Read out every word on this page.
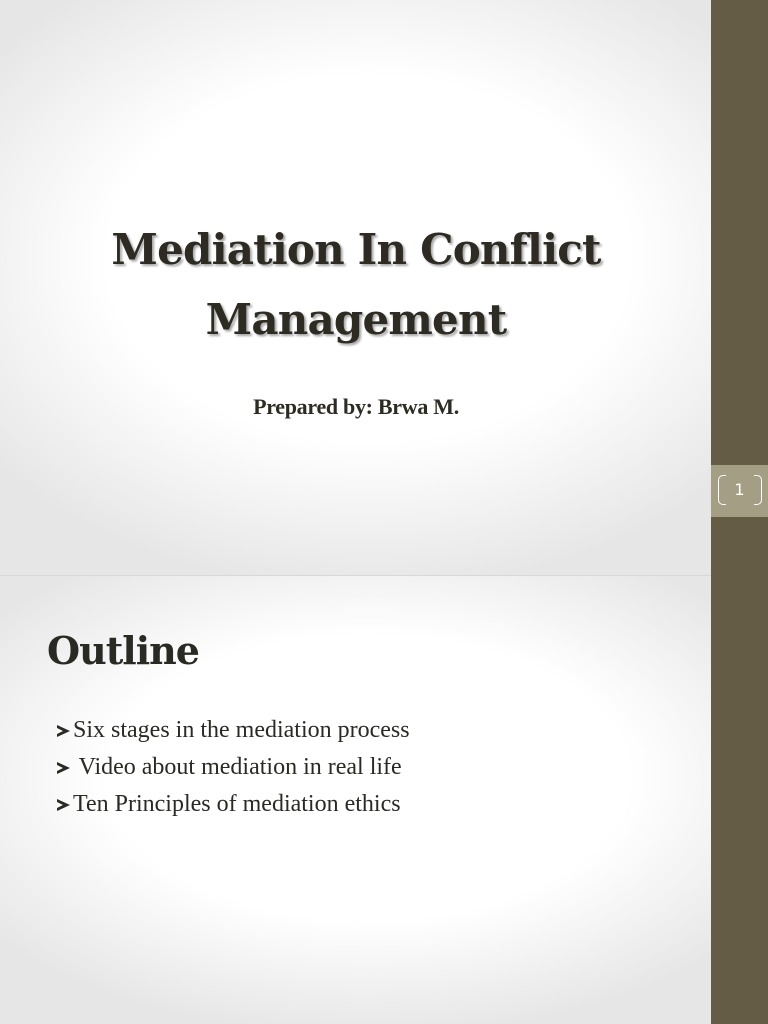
Mediation In Conflict
Management
Prepared by: Brwa M.
Outline
Six stages in the mediation process
Video about mediation in real life
Ten Principles of mediation ethics
1
